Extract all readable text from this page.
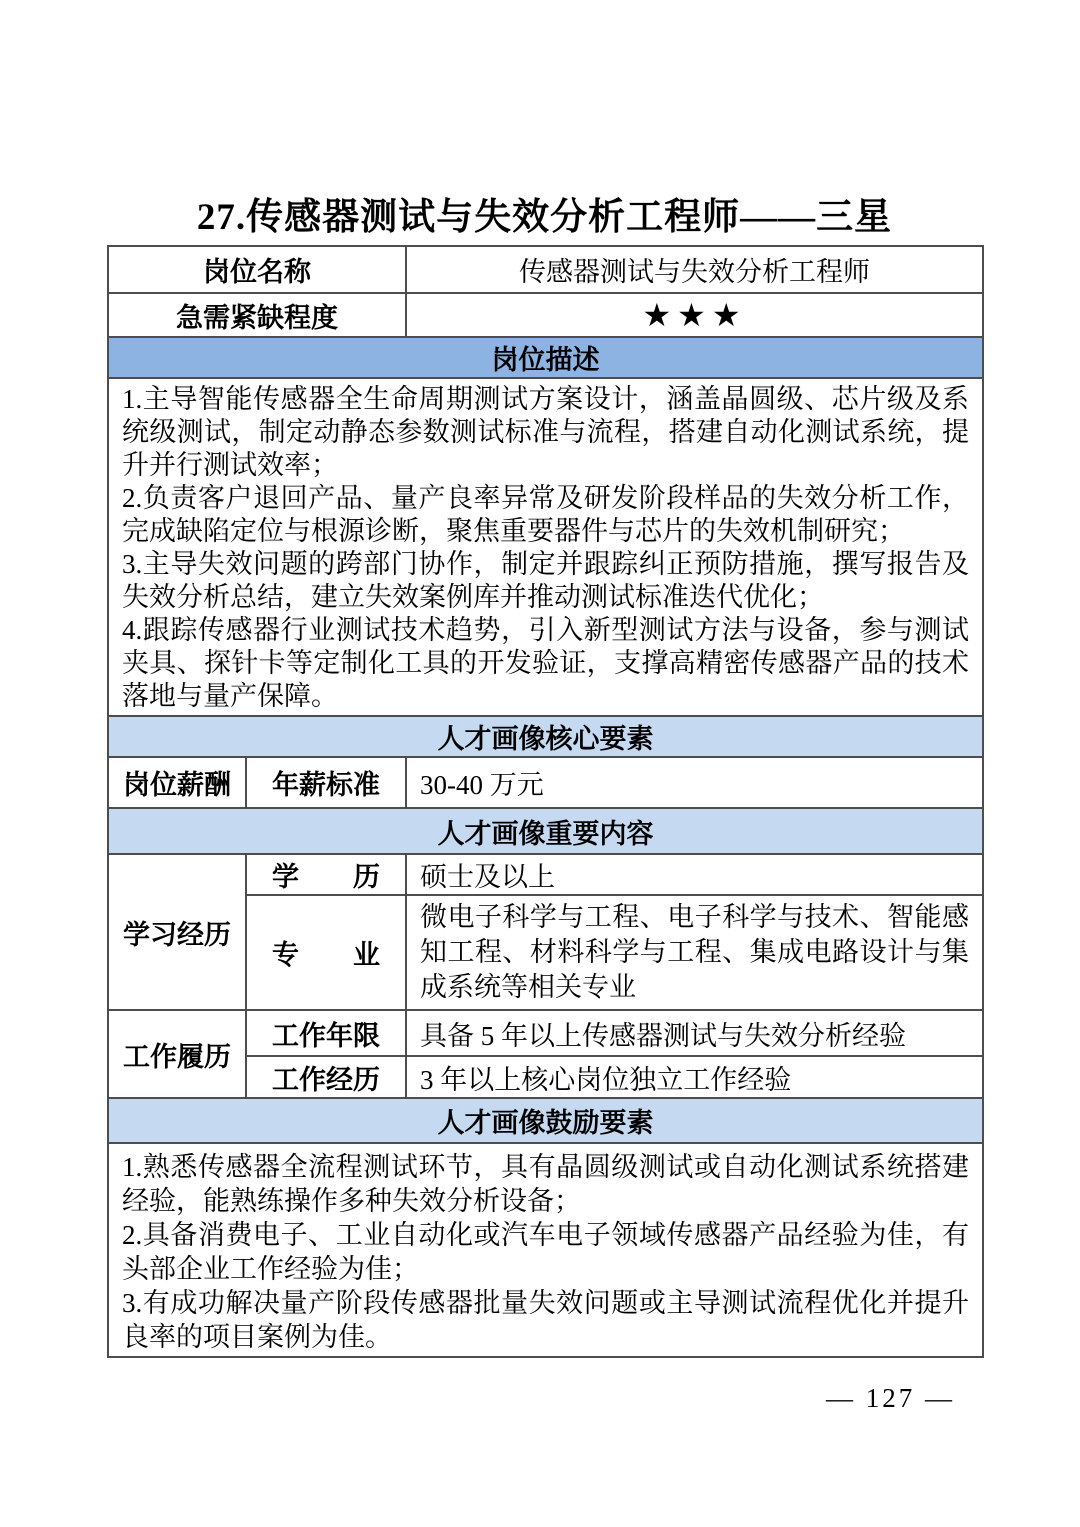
27.传感器测试与失效分析工程师——三星
岗位名称		传感器测试与失效分析工程师
急需紧缺程度		★★★
岗位描述		

1.主导智能传感器全生命周期测试方案设计，涵盖晶圆级、芯片级及系统级测试，制定动静态参数测试标准与流程，搭建自动化测试系统，提升并行测试效率；
2.负责客户退回产品、量产良率异常及研发阶段样品的失效分析工作，完成缺陷定位与根源诊断，聚焦重要器件与芯片的失效机制研究；
3.主导失效问题的跨部门协作，制定并跟踪纠正预防措施，撰写报告及失效分析总结，建立失效案例库并推动测试标准迭代优化；
4.跟踪传感器行业测试技术趋势，引入新型测试方法与设备，参与测试夹具、探针卡等定制化工具的开发验证，支撑高精密传感器产品的技术落地与量产保障。		

人才画像核心要素		
岗位薪酬	年薪标准	30-40 万元
人才画像重要内容		
学习经历	学　　历	硕士及以上
	专　　业	微电子科学与工程、电子科学与技术、智能感知工程、材料科学与工程、集成电路设计与集成系统等相关专业
工作履历	工作年限	具备 5 年以上传感器测试与失效分析经验
	工作经历	3 年以上核心岗位独立工作经验
人才画像鼓励要素		

1.熟悉传感器全流程测试环节，具有晶圆级测试或自动化测试系统搭建经验，能熟练操作多种失效分析设备；
2.具备消费电子、工业自动化或汽车电子领域传感器产品经验为佳，有头部企业工作经验为佳；
3.有成功解决量产阶段传感器批量失效问题或主导测试流程优化并提升良率的项目案例为佳。		
— 127 —
